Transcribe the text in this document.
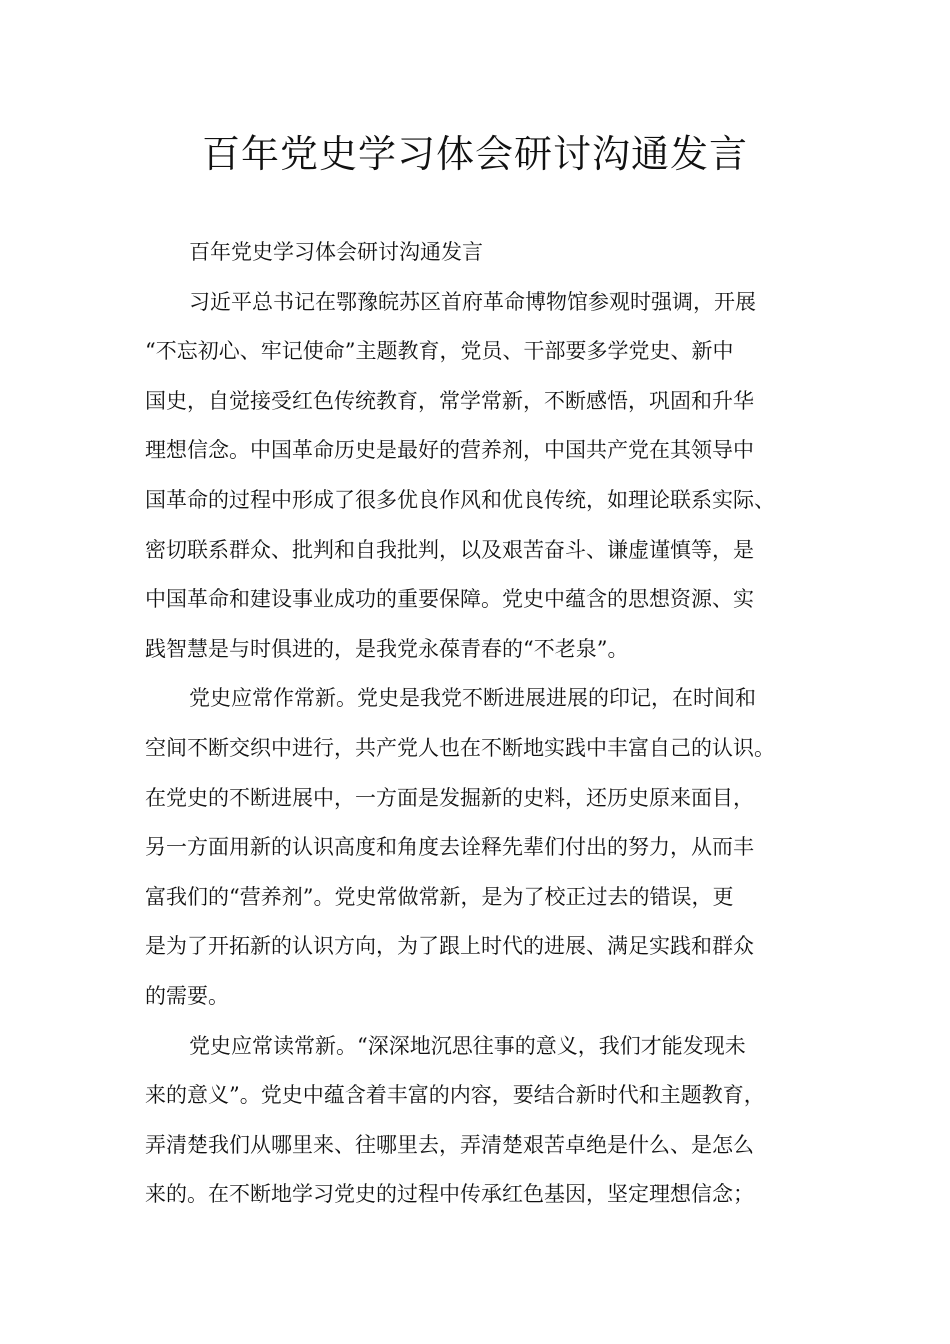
百年党史学习体会研讨沟通发言
百年党史学习体会研讨沟通发言
习近平总书记在鄂豫皖苏区首府革命博物馆参观时强调，开展
“不忘初心、牢记使命”主题教育，党员、干部要多学党史、新中
国史，自觉接受红色传统教育，常学常新，不断感悟，巩固和升华
理想信念。中国革命历史是最好的营养剂，中国共产党在其领导中
国革命的过程中形成了很多优良作风和优良传统，如理论联系实际、
密切联系群众、批判和自我批判，以及艰苦奋斗、谦虚谨慎等，是
中国革命和建设事业成功的重要保障。党史中蕴含的思想资源、实
践智慧是与时俱进的，是我党永葆青春的“不老泉”。
党史应常作常新。党史是我党不断进展进展的印记，在时间和
空间不断交织中进行，共产党人也在不断地实践中丰富自己的认识。
在党史的不断进展中，一方面是发掘新的史料，还历史原来面目，
另一方面用新的认识高度和角度去诠释先辈们付出的努力，从而丰
富我们的“营养剂”。党史常做常新，是为了校正过去的错误，更
是为了开拓新的认识方向，为了跟上时代的进展、满足实践和群众
的需要。
党史应常读常新。“深深地沉思往事的意义，我们才能发现未
来的意义”。党史中蕴含着丰富的内容，要结合新时代和主题教育，
弄清楚我们从哪里来、往哪里去，弄清楚艰苦卓绝是什么、是怎么
来的。在不断地学习党史的过程中传承红色基因，坚定理想信念；
